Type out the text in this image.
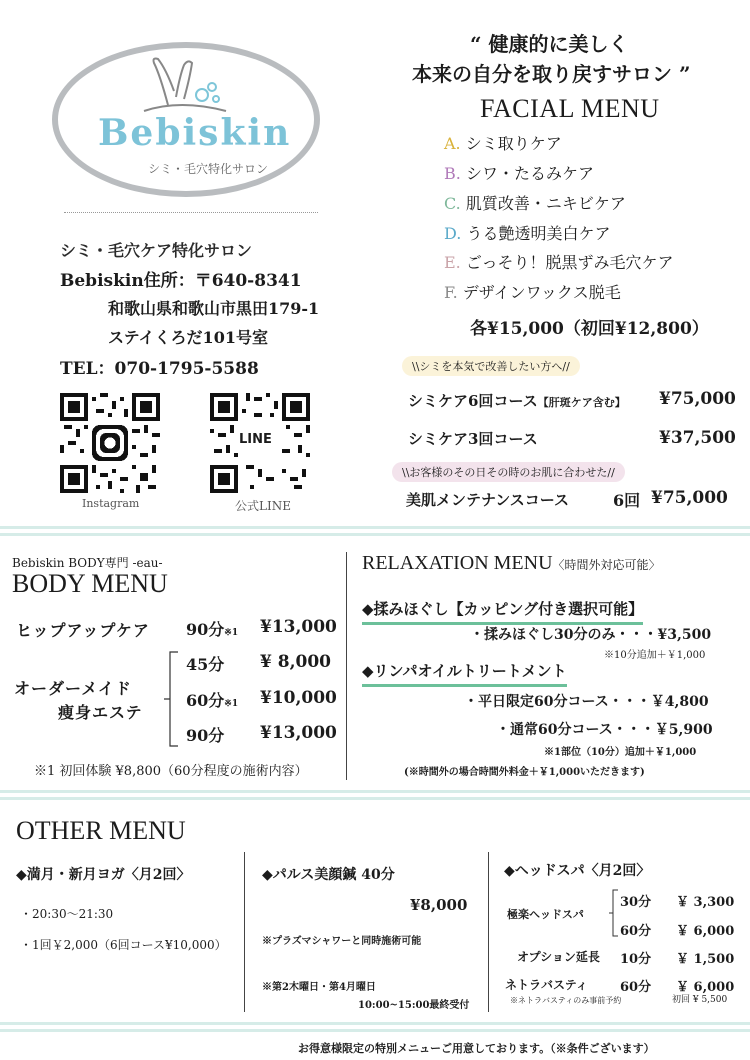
Bebiskin
シミ・毛穴特化サロン
シミ・毛穴ケア特化サロン
Bebiskin住所：〒640-8341
和歌山県和歌山市黒田179-1
ステイくろだ101号室
TEL：070-1795-5588
Instagram
LINE
公式LINE
“ 健康的に美しく
本来の自分を取り戻すサロン ”
FACIAL MENU
A. シミ取りケア
B. シワ・たるみケア
C. 肌質改善・ニキビケア
D. うる艶透明美白ケア
E. ごっそり！脱黒ずみ毛穴ケア
F. デザインワックス脱毛
各¥15,000（初回¥12,800）
\\シミを本気で改善したい方へ//
シミケア6回コース【肝斑ケア含む】 ¥75,000
シミケア3回コース	¥37,500
\\お客様のその日その時のお肌に合わせた//
美肌メンテナンスコース	6回 ¥75,000
Bebiskin BODY専門 -eau-
BODY MENU
ヒップアップケア 90分※1 ¥13,000
オーダーメイド
痩身エステ
45分 ¥ 8,000
60分※1 ¥10,000
90分 ¥13,000
※1 初回体験 ¥8,800（60分程度の施術内容）
RELAXATION MENU〈時間外対応可能〉
◆揉みほぐし【カッピング付き選択可能】
・揉みほぐし30分のみ・・・¥3,500
※10分追加＋￥1,000
◆リンパオイルトリートメント
・平日限定60分コース・・・￥4,800
・通常60分コース・・・￥5,900
※1部位（10分）追加＋￥1,000
(※時間外の場合時間外料金＋￥1,000いただきます)
OTHER MENU
◆満月・新月ヨガ〈月2回〉
・20:30〜21:30
・1回￥2,000（6回コース¥10,000）
◆パルス美顔鍼 40分
¥8,000
※プラズマシャワーと同時施術可能
※第2木曜日・第4月曜日
10:00~15:00最終受付
◆ヘッドスパ〈月2回〉
極楽ヘッドスパ
30分 ￥ 3,300
60分 ￥ 6,000
オプション延長 10分 ￥ 1,500
ネトラバスティ 60分 ￥ 6,000
※ネトラバスティのみ事前予約	初回 ¥ 5,500
お得意様限定の特別メニューご用意しております。（※条件ございます）
